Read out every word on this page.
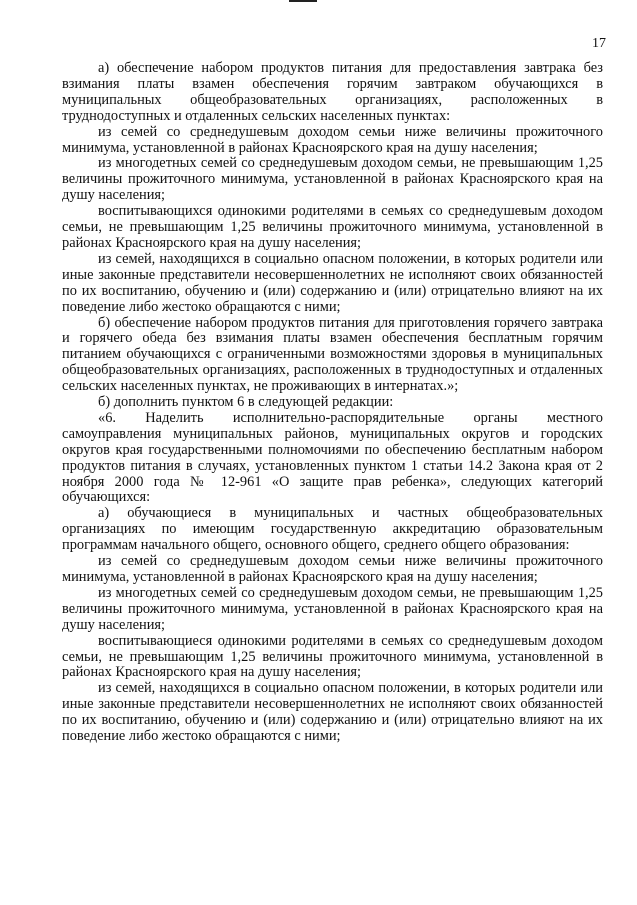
17

а) обеспечение набором продуктов питания для предоставления завтрака без взимания платы взамен обеспечения горячим завтраком обучающихся в муниципальных общеобразовательных организациях, расположенных в труднодоступных и отдаленных сельских населенных пунктах:

из семей со среднедушевым доходом семьи ниже величины прожиточного минимума, установленной в районах Красноярского края на душу населения;

из многодетных семей со среднедушевым доходом семьи, не превышающим 1,25 величины прожиточного минимума, установленной в районах Красноярского края на душу населения;

воспитывающихся одинокими родителями в семьях со среднедушевым доходом семьи, не превышающим 1,25 величины прожиточного минимума, установленной в районах Красноярского края на душу населения;

из семей, находящихся в социально опасном положении, в которых родители или иные законные представители несовершеннолетних не исполняют своих обязанностей по их воспитанию, обучению и (или) содержанию и (или) отрицательно влияют на их поведение либо жестоко обращаются с ними;

б) обеспечение набором продуктов питания для приготовления горячего завтрака и горячего обеда без взимания платы взамен обеспечения бесплатным горячим питанием обучающихся с ограниченными возможностями здоровья в муниципальных общеобразовательных организациях, расположенных в труднодоступных и отдаленных сельских населенных пунктах, не проживающих в интернатах.»;

б) дополнить пунктом 6 в следующей редакции:

«6. Наделить исполнительно-распорядительные органы местного самоуправления муниципальных районов, муниципальных округов и городских округов края государственными полномочиями по обеспечению бесплатным набором продуктов питания в случаях, установленных пунктом 1 статьи 14.2 Закона края от 2 ноября 2000 года № 12-961 «О защите прав ребенка», следующих категорий обучающихся:

а) обучающиеся в муниципальных и частных общеобразовательных организациях по имеющим государственную аккредитацию образовательным программам начального общего, основного общего, среднего общего образования:

из семей со среднедушевым доходом семьи ниже величины прожиточного минимума, установленной в районах Красноярского края на душу населения;

из многодетных семей со среднедушевым доходом семьи, не превышающим 1,25 величины прожиточного минимума, установленной в районах Красноярского края на душу населения;

воспитывающиеся одинокими родителями в семьях со среднедушевым доходом семьи, не превышающим 1,25 величины прожиточного минимума, установленной в районах Красноярского края на душу населения;

из семей, находящихся в социально опасном положении, в которых родители или иные законные представители несовершеннолетних не исполняют своих обязанностей по их воспитанию, обучению и (или) содержанию и (или) отрицательно влияют на их поведение либо жестоко обращаются с ними;
